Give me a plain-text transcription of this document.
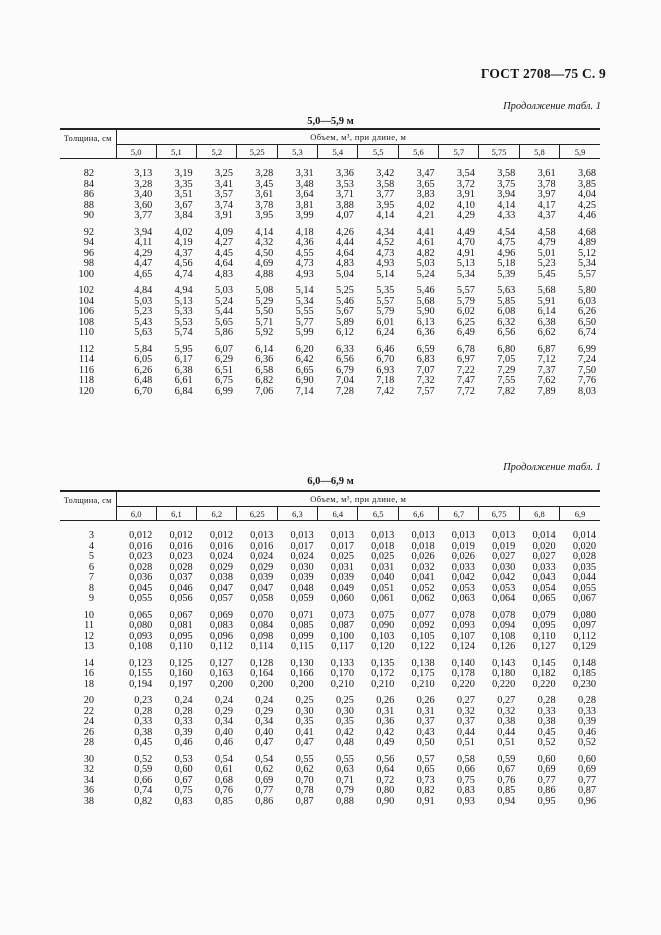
ГОСТ 2708—75 С. 9
Продолжение табл. 1
5,0—5,9 м
Толщина, см	Объем, м³, при длине, м											
	5,0	5,1	5,2	5,25	5,3	5,4	5,5	5,6	5,7	5,75	5,8	5,9

82	3,13	3,19	3,25	3,28	3,31	3,36	3,42	3,47	3,54	3,58	3,61	3,68
84	3,28	3,35	3,41	3,45	3,48	3,53	3,58	3,65	3,72	3,75	3,78	3,85
86	3,40	3,51	3,57	3,61	3,64	3,71	3,77	3,83	3,91	3,94	3,97	4,04
88	3,60	3,67	3,74	3,78	3,81	3,88	3,95	4,02	4,10	4,14	4,17	4,25
90	3,77	3,84	3,91	3,95	3,99	4,07	4,14	4,21	4,29	4,33	4,37	4,46

92	3,94	4,02	4,09	4,14	4,18	4,26	4,34	4,41	4,49	4,54	4,58	4,68
94	4,11	4,19	4,27	4,32	4,36	4,44	4,52	4,61	4,70	4,75	4,79	4,89
96	4,29	4,37	4,45	4,50	4,55	4,64	4,73	4,82	4,91	4,96	5,01	5,12
98	4,47	4,56	4,64	4,69	4,73	4,83	4,93	5,03	5,13	5,18	5,23	5,34
100	4,65	4,74	4,83	4,88	4,93	5,04	5,14	5,24	5,34	5,39	5,45	5,57

102	4,84	4,94	5,03	5,08	5,14	5,25	5,35	5,46	5,57	5,63	5,68	5,80
104	5,03	5,13	5,24	5,29	5,34	5,46	5,57	5,68	5,79	5,85	5,91	6,03
106	5,23	5,33	5,44	5,50	5,55	5,67	5,79	5,90	6,02	6,08	6,14	6,26
108	5,43	5,53	5,65	5,71	5,77	5,89	6,01	6,13	6,25	6,32	6,38	6,50
110	5,63	5,74	5,86	5,92	5,99	6,12	6,24	6,36	6,49	6,56	6,62	6,74

112	5,84	5,95	6,07	6,14	6,20	6,33	6,46	6,59	6,78	6,80	6,87	6,99
114	6,05	6,17	6,29	6,36	6,42	6,56	6,70	6,83	6,97	7,05	7,12	7,24
116	6,26	6,38	6,51	6,58	6,65	6,79	6,93	7,07	7,22	7,29	7,37	7,50
118	6,48	6,61	6,75	6,82	6,90	7,04	7,18	7,32	7,47	7,55	7,62	7,76
120	6,70	6,84	6,99	7,06	7,14	7,28	7,42	7,57	7,72	7,82	7,89	8,03
Продолжение табл. 1
6,0—6,9 м
Толщина, см	Объем, м³, при длине, м											
	6,0	6,1	6,2	6,25	6,3	6,4	6,5	6,6	6,7	6,75	6,8	6,9

3	0,012	0,012	0,012	0,013	0,013	0,013	0,013	0,013	0,013	0,013	0,014	0,014
4	0,016	0,016	0,016	0,016	0,017	0,017	0,018	0,018	0,019	0,019	0,020	0,020
5	0,023	0,023	0,024	0,024	0,024	0,025	0,025	0,026	0,026	0,027	0,027	0,028
6	0,028	0,028	0,029	0,029	0,030	0,031	0,031	0,032	0,033	0,030	0,033	0,035
7	0,036	0,037	0,038	0,039	0,039	0,039	0,040	0,041	0,042	0,042	0,043	0,044
8	0,045	0,046	0,047	0,047	0,048	0,049	0,051	0,052	0,053	0,053	0,054	0,055
9	0,055	0,056	0,057	0,058	0,059	0,060	0,061	0,062	0,063	0,064	0,065	0,067

10	0,065	0,067	0,069	0,070	0,071	0,073	0,075	0,077	0,078	0,078	0,079	0,080
11	0,080	0,081	0,083	0,084	0,085	0,087	0,090	0,092	0,093	0,094	0,095	0,097
12	0,093	0,095	0,096	0,098	0,099	0,100	0,103	0,105	0,107	0,108	0,110	0,112
13	0,108	0,110	0,112	0,114	0,115	0,117	0,120	0,122	0,124	0,126	0,127	0,129

14	0,123	0,125	0,127	0,128	0,130	0,133	0,135	0,138	0,140	0,143	0,145	0,148
16	0,155	0,160	0,163	0,164	0,166	0,170	0,172	0,175	0,178	0,180	0,182	0,185
18	0,194	0,197	0,200	0,200	0,200	0,210	0,210	0,210	0,220	0,220	0,220	0,230

20	0,23	0,24	0,24	0,24	0,25	0,25	0,26	0,26	0,27	0,27	0,28	0,28
22	0,28	0,28	0,29	0,29	0,30	0,30	0,31	0,31	0,32	0,32	0,33	0,33
24	0,33	0,33	0,34	0,34	0,35	0,35	0,36	0,37	0,37	0,38	0,38	0,39
26	0,38	0,39	0,40	0,40	0,41	0,42	0,42	0,43	0,44	0,44	0,45	0,46
28	0,45	0,46	0,46	0,47	0,47	0,48	0,49	0,50	0,51	0,51	0,52	0,52

30	0,52	0,53	0,54	0,54	0,55	0,55	0,56	0,57	0,58	0,59	0,60	0,60
32	0,59	0,60	0,61	0,62	0,62	0,63	0,64	0,65	0,66	0,67	0,69	0,69
34	0,66	0,67	0,68	0,69	0,70	0,71	0,72	0,73	0,75	0,76	0,77	0,77
36	0,74	0,75	0,76	0,77	0,78	0,79	0,80	0,82	0,83	0,85	0,86	0,87
38	0,82	0,83	0,85	0,86	0,87	0,88	0,90	0,91	0,93	0,94	0,95	0,96
